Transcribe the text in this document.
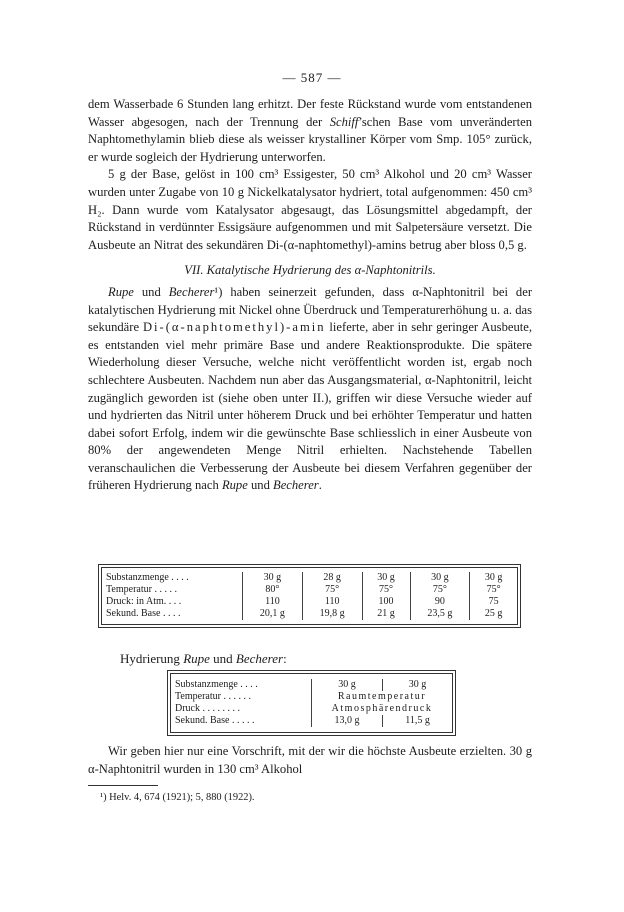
— 587 —

dem Wasserbade 6 Stunden lang erhitzt. Der feste Rückstand wurde vom entstandenen Wasser abgesogen, nach der Trennung der Schiff’schen Base vom unveränderten Naphtomethylamin blieb diese als weisser krystalliner Körper vom Smp. 105° zurück, er wurde sogleich der Hydrierung unterworfen.

5 g der Base, gelöst in 100 cm³ Essigester, 50 cm³ Alkohol und 20 cm³ Wasser wurden unter Zugabe von 10 g Nickelkatalysator hydriert, total aufgenommen: 450 cm³ H₂. Dann wurde vom Katalysator abgesaugt, das Lösungsmittel abgedampft, der Rückstand in verdünnter Essigsäure aufgenommen und mit Salpetersäure versetzt. Die Ausbeute an Nitrat des sekundären Di-(α-naphtomethyl)-amins betrug aber bloss 0,5 g.

VII. Katalytische Hydrierung des α-Naphtonitrils.

Rupe und Becherer¹) haben seinerzeit gefunden, dass α-Naphtonitril bei der katalytischen Hydrierung mit Nickel ohne Überdruck und Temperaturerhöhung u. a. das sekundäre Di-(α-naphtomethyl)-amin lieferte, aber in sehr geringer Ausbeute, es entstanden viel mehr primäre Base und andere Reaktionsprodukte. Die spätere Wiederholung dieser Versuche, welche nicht veröffentlicht worden ist, ergab noch schlechtere Ausbeuten. Nachdem nun aber das Ausgangsmaterial, α-Naphtonitril, leicht zugänglich geworden ist (siehe oben unter II.), griffen wir diese Versuche wieder auf und hydrierten das Nitril unter höherem Druck und bei erhöhter Temperatur und hatten dabei sofort Erfolg, indem wir die gewünschte Base schliesslich in einer Ausbeute von 80% der angewendeten Menge Nitril erhielten. Nachstehende Tabellen veranschaulichen die Verbesserung der Ausbeute bei diesem Verfahren gegenüber der früheren Hydrierung nach Rupe und Becherer.

Substanzmenge . . . .	30 g	28 g	30 g	30 g	30 g
Temperatur . . . . .	80°	75°	75°	75°	75°
Druck: in Atm. . . .	110	110	100	90	75
Sekund. Base . . . .	20,1 g	19,8 g	21 g	23,5 g	25 g
Hydrierung Rupe und Becherer:
Substanzmenge . . . .	30 g	30 g
Temperatur . . . . . .	Raumtemperatur	
Druck . . . . . . . .	Atmosphärendruck	
Sekund. Base . . . . .	13,0 g	11,5 g

Wir geben hier nur eine Vorschrift, mit der wir die höchste Ausbeute erzielten. 30 g α-Naphtonitril wurden in 130 cm³ Alkohol

¹) Helv. 4, 674 (1921); 5, 880 (1922).
